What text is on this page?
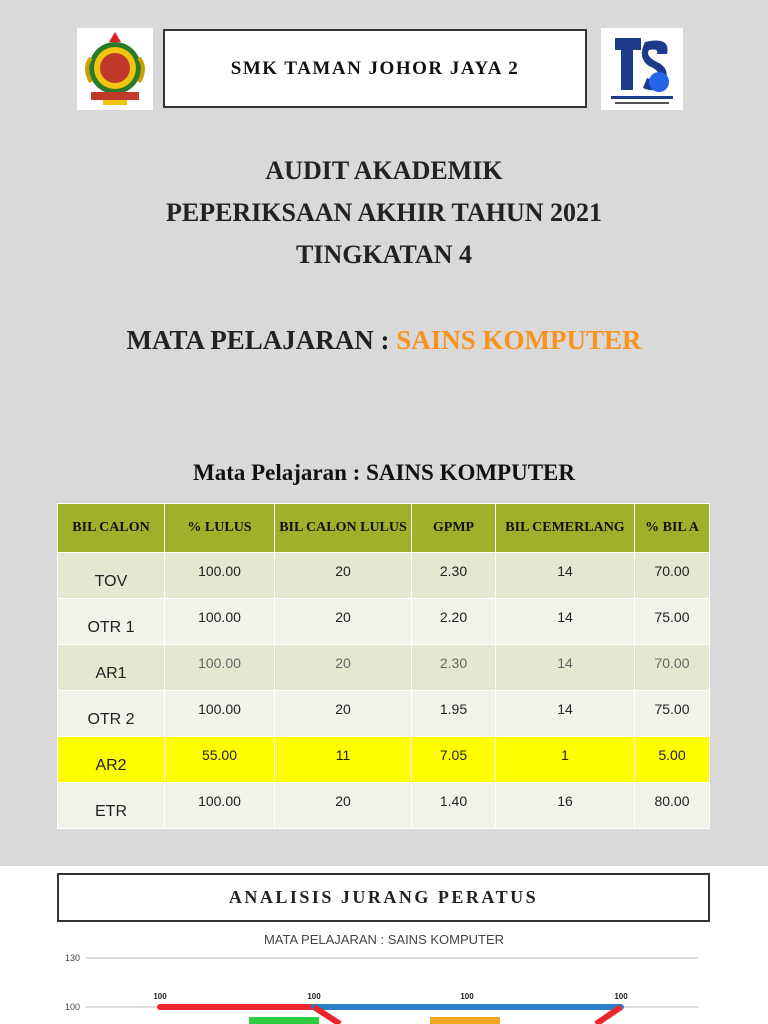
SMK TAMAN JOHOR JAYA 2
AUDIT AKADEMIK
PEPERIKSAAN AKHIR TAHUN 2021
TINGKATAN 4
MATA PELAJARAN : SAINS KOMPUTER
Mata Pelajaran : SAINS KOMPUTER
BIL CALON	% LULUS	BIL CALON LULUS	GPMP	BIL CEMERLANG	% BIL A
TOV	100.00	20	2.30	14	70.00
OTR 1	100.00	20	2.20	14	75.00
AR1	100.00	20	2.30	14	70.00
OTR 2	100.00	20	1.95	14	75.00
AR2	55.00	11	7.05	1	5.00
ETR	100.00	20	1.40	16	80.00
ANALISIS JURANG PERATUS
MATA PELAJARAN : SAINS KOMPUTER
130
100
100	100	100	100
